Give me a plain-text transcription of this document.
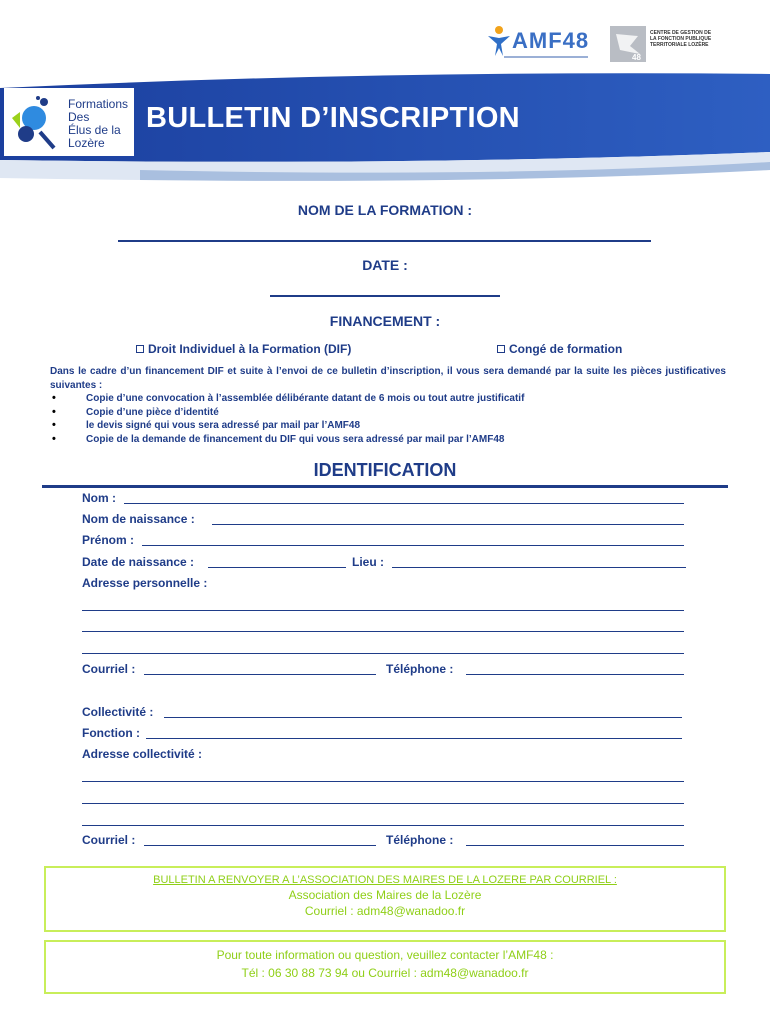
AMF48
48
CENTRE DE GESTION DE LA FONCTION PUBLIQUE TERRITORIALE LOZÈRE
Formations
Des
Élus de la
Lozère
BULLETIN D’INSCRIPTION
NOM DE LA FORMATION :
DATE :
FINANCEMENT :
Droit Individuel à la Formation (DIF)	Congé de formation
Dans le cadre d’un financement DIF et suite à l’envoi de ce bulletin d’inscription, il vous sera demandé par la suite les pièces justificatives suivantes :
• Copie d’une convocation à l’assemblée délibérante datant de 6 mois ou tout autre justificatif
• Copie d’une pièce d’identité
• le devis signé qui vous sera adressé par mail par l’AMF48
• Copie de la demande de financement du DIF qui vous sera adressé par mail par l’AMF48
IDENTIFICATION
Nom :
Nom de naissance :
Prénom :
Date de naissance :	Lieu :
Adresse personnelle :
Courriel :	Téléphone :
Collectivité :
Fonction :
Adresse collectivité :
Courriel :	Téléphone :
BULLETIN A RENVOYER A L’ASSOCIATION DES MAIRES DE LA LOZERE PAR COURRIEL :
Association des Maires de la Lozère
Courriel : adm48@wanadoo.fr
Pour toute information ou question, veuillez contacter l’AMF48 :
Tél : 06 30 88 73 94 ou Courriel : adm48@wanadoo.fr
